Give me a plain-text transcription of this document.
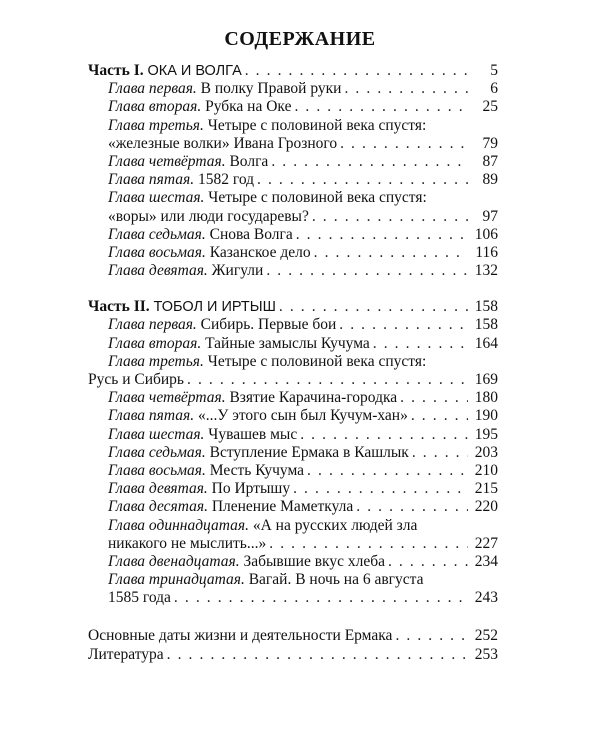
СОДЕРЖАНИЕ
Часть I. ОКА И ВОЛГА . . .	5
Глава первая. В полку Правой руки . . .	6
Глава вторая. Рубка на Оке . . .	25
Глава третья. Четыре с половиной века спустя:
«железные волки» Ивана Грозного . . .	79
Глава четвёртая. Волга . . .	87
Глава пятая. 1582 год . . .	89
Глава шестая. Четыре с половиной века спустя:
«воры» или люди государевы? . . .	97
Глава седьмая. Снова Волга . . .	106
Глава восьмая. Казанское дело . . .	116
Глава девятая. Жигули . . .	132
Часть II. ТОБОЛ И ИРТЫШ . . .	158
Глава первая. Сибирь. Первые бои . . .	158
Глава вторая. Тайные замыслы Кучума . . .	164
Глава третья. Четыре с половиной века спустя:
Русь и Сибирь . . .	169
Глава четвёртая. Взятие Карачина-городка . . .	180
Глава пятая. «...У этого сын был Кучум-хан» . . .	190
Глава шестая. Чувашев мыс . . .	195
Глава седьмая. Вступление Ермака в Кашлык . . .	203
Глава восьмая. Месть Кучума . . .	210
Глава девятая. По Иртышу . . .	215
Глава десятая. Пленение Маметкула . . .	220
Глава одиннадцатая. «А на русских людей зла
никакого не мыслить...» . . .	227
Глава двенадцатая. Забывшие вкус хлеба . . .	234
Глава тринадцатая. Вагай. В ночь на 6 августа
1585 года . . .	243
Основные даты жизни и деятельности Ермака . . .	252
Литература . . .	253
